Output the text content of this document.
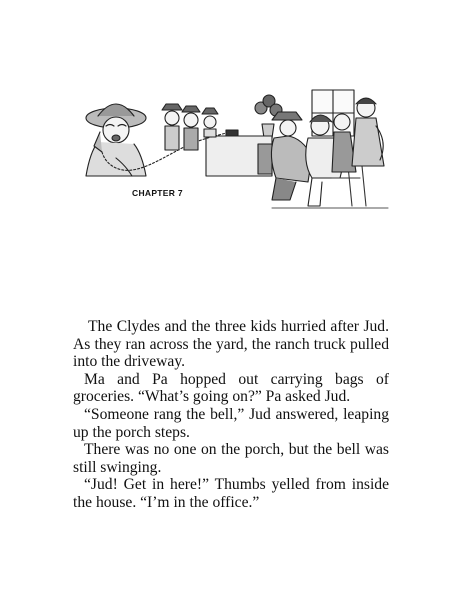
CHAPTER 7

The Clydes and the three kids hurried after Jud. As they ran across the yard, the ranch truck pulled into the driveway.

Ma and Pa hopped out carrying bags of groceries. “What’s going on?” Pa asked Jud.

“Someone rang the bell,” Jud answered, leaping up the porch steps.

There was no one on the porch, but the bell was still swinging.

“Jud! Get in here!” Thumbs yelled from inside the house. “I’m in the office.”
